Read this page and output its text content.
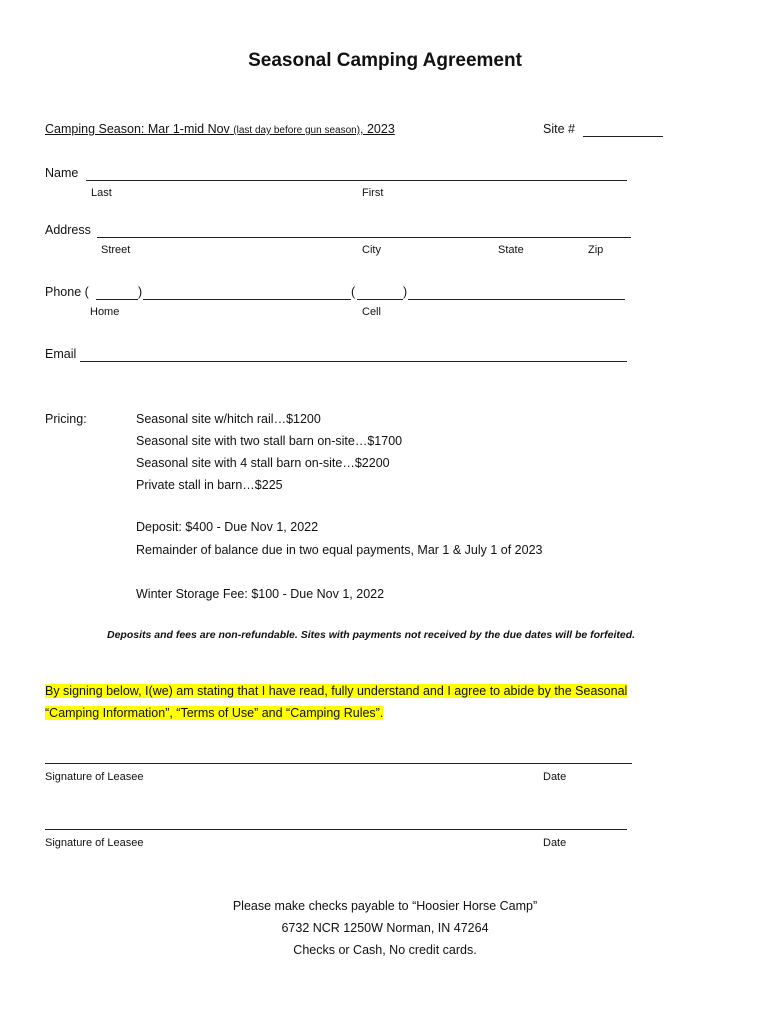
Seasonal Camping Agreement
Camping Season: Mar 1-mid Nov (last day before gun season), 2023	Site #
Name
Last	First
Address
Street	City	State	Zip
Phone (	)	(	)
Home	Cell
Email
Pricing:	Seasonal site w/hitch rail…$1200
Seasonal site with two stall barn on-site…$1700
Seasonal site with 4 stall barn on-site…$2200
Private stall in barn…$225
Deposit: $400 - Due Nov 1, 2022
Remainder of balance due in two equal payments, Mar 1 & July 1 of 2023
Winter Storage Fee: $100 - Due Nov 1, 2022
Deposits and fees are non-refundable. Sites with payments not received by the due dates will be forfeited.
By signing below, I(we) am stating that I have read, fully understand and I agree to abide by the Seasonal
“Camping Information”, “Terms of Use” and “Camping Rules”.
Signature of Leasee	Date
Signature of Leasee	Date
Please make checks payable to “Hoosier Horse Camp”
6732 NCR 1250W Norman, IN 47264
Checks or Cash, No credit cards.
